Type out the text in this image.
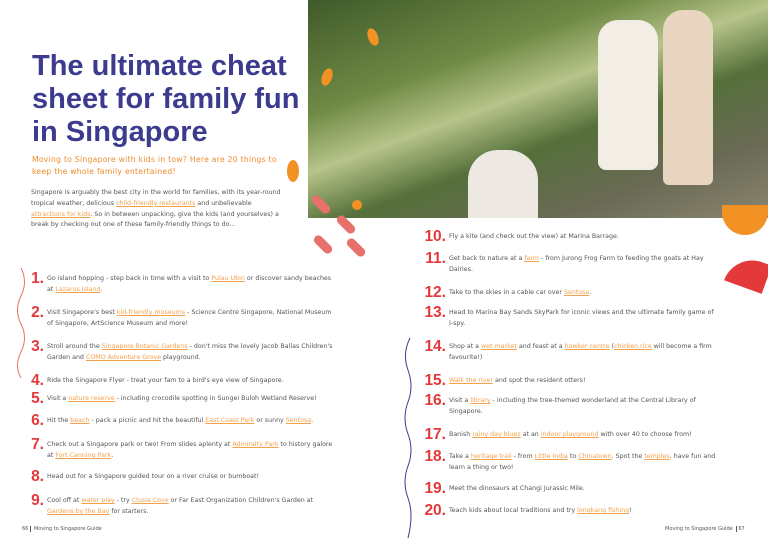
The ultimate cheat sheet for family fun in Singapore

Moving to Singapore with kids in tow? Here are 20 things to keep the whole family entertained!

Singapore is arguably the best city in the world for families, with its year-round tropical weather, delicious child-friendly restaurants and unbelievable attractions for kids. So in between unpacking, give the kids (and yourselves) a break by checking out one of these family-friendly things to do…

1. Go island hopping - step back in time with a visit to Pulau Ubin or discover sandy beaches at Lazarus Island.
2. Visit Singapore's best kid-friendly museums - Science Centre Singapore, National Museum of Singapore, ArtScience Museum and more!
3. Stroll around the Singapore Botanic Gardens - don't miss the lovely Jacob Ballas Children's Garden and COMO Adventure Grove playground.
4. Ride the Singapore Flyer - treat your fam to a bird's eye view of Singapore.
5. Visit a nature reserve - including crocodile spotting in Sungei Buloh Wetland Reserve!
6. Hit the beach - pack a picnic and hit the beautiful East Coast Park or sunny Sentosa.
7. Check out a Singapore park or two! From slides aplenty at Admiralty Park to history galore at Fort Canning Park.
8. Head out for a Singapore guided tour on a river cruise or bumboat!
9. Cool off at water play - try Clusia Cove or Far East Organization Children's Garden at Gardens by the Bay for starters.
10. Fly a kite (and check out the view) at Marina Barrage.
11. Get back to nature at a farm - from Jurong Frog Farm to feeding the goats at Hay Dairies.
12. Take to the skies in a cable car over Sentosa.
13. Head to Marina Bay Sands SkyPark for iconic views and the ultimate family game of I-spy.
14. Shop at a wet market and feast at a hawker centre (chicken rice will become a firm favourite!)
15. Walk the river and spot the resident otters!
16. Visit a library - including the tree-themed wonderland at the Central Library of Singapore.
17. Banish rainy day blues at an indoor playground with over 40 to choose from!
18. Take a heritage trail - from Little India to Chinatown. Spot the temples, have fun and learn a thing or two!
19. Meet the dinosaurs at Changi Jurassic Mile.
20. Teach kids about local traditions and try longkang fishing!
66 Moving to Singapore Guide	Moving to Singapore Guide 67
